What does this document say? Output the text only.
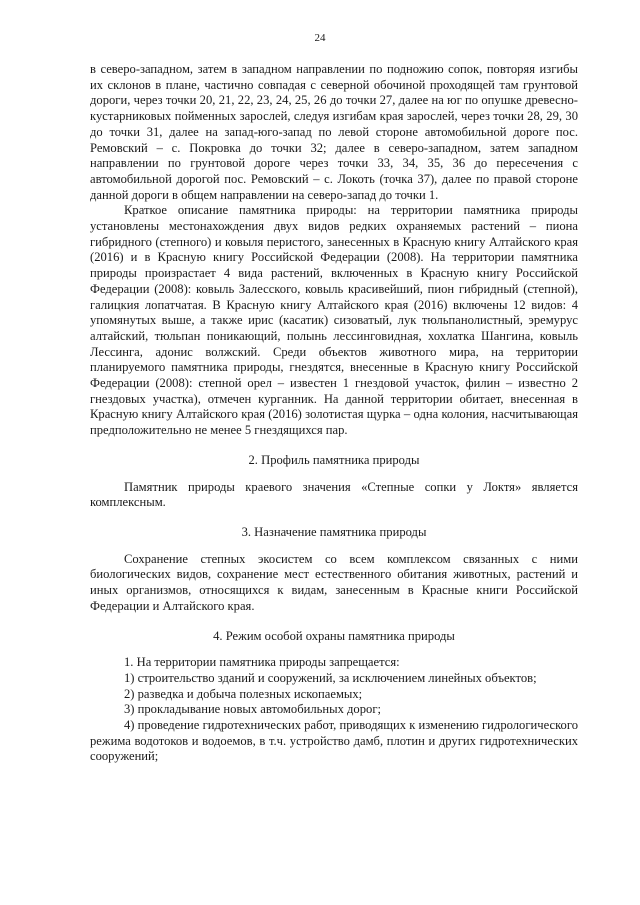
24

в северо-западном, затем в западном направлении по подножию сопок, повторяя изгибы их склонов в плане, частично совпадая с северной обочиной проходящей там грунтовой дороги, через точки 20, 21, 22, 23, 24, 25, 26 до точки 27, далее на юг по опушке древесно-кустарниковых пойменных зарослей, следуя изгибам края зарослей, через точки 28, 29, 30 до точки 31, далее на запад-юго-запад по левой стороне автомобильной дороге пос. Ремовский – с. Покровка до точки 32; далее в северо-западном, затем западном направлении по грунтовой дороге через точки 33, 34, 35, 36 до пересечения с автомобильной дорогой пос. Ремовский – с. Локоть (точка 37), далее по правой стороне данной дороги в общем направлении на северо-запад до точки 1.

Краткое описание памятника природы: на территории памятника природы установлены местонахождения двух видов редких охраняемых растений – пиона гибридного (степного) и ковыля перистого, занесенных в Красную книгу Алтайского края (2016) и в Красную книгу Российской Федерации (2008). На территории памятника природы произрастает 4 вида растений, включенных в Красную книгу Российской Федерации (2008): ковыль Залесского, ковыль красивейший, пион гибридный (степной), галицкия лопатчатая. В Красную книгу Алтайского края (2016) включены 12 видов: 4 упомянутых выше, а также ирис (касатик) сизоватый, лук тюльпанолистный, эремурус алтайский, тюльпан поникающий, полынь лессинговидная, хохлатка Шангина, ковыль Лессинга, адонис волжский. Среди объектов животного мира, на территории планируемого памятника природы, гнездятся, внесенные в Красную книгу Российской Федерации (2008): степной орел – известен 1 гнездовой участок, филин – известно 2 гнездовых участка), отмечен курганник. На данной территории обитает, внесенная в Красную книгу Алтайского края (2016) золотистая щурка – одна колония, насчитывающая предположительно не менее 5 гнездящихся пар.

2. Профиль памятника природы

Памятник природы краевого значения «Степные сопки у Локтя» является комплексным.

3. Назначение памятника природы

Сохранение степных экосистем со всем комплексом связанных с ними биологических видов, сохранение мест естественного обитания животных, растений и иных организмов, относящихся к видам, занесенным в Красные книги Российской Федерации и Алтайского края.

4. Режим особой охраны памятника природы

1. На территории памятника природы запрещается:

1) строительство зданий и сооружений, за исключением линейных объектов;

2) разведка и добыча полезных ископаемых;

3) прокладывание новых автомобильных дорог;

4) проведение гидротехнических работ, приводящих к изменению гидрологического режима водотоков и водоемов, в т.ч. устройство дамб, плотин и других гидротехнических сооружений;
